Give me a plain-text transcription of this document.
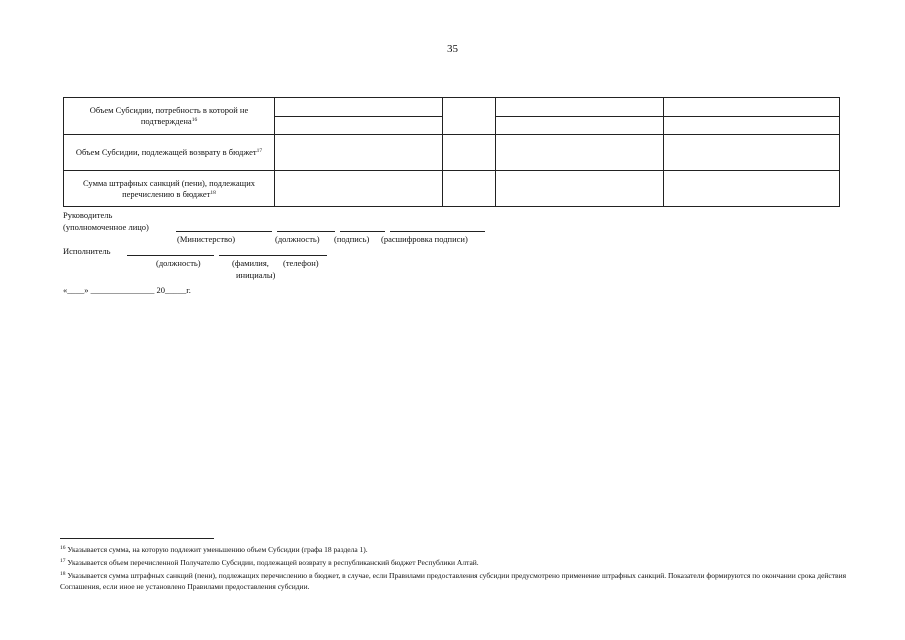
35
Объем Субсидии, потребность в которой не подтверждена$^{16}$				

Объем Субсидии, подлежащей возврату в бюджет$^{17}$				
Сумма штрафных санкций (пени), подлежащих перечислению в бюджет$^{18}$				
Руководитель
(уполномоченное лицо)
(Министерство)	(должность) (подпись) (расшифровка подписи)
Исполнитель
(должность)	(фамилия, (телефон)
инициалы)
«____» _______________ 20_____г.
$^{16}$ Указывается сумма, на которую подлежит уменьшению объем Субсидии (графа 18 раздела 1).
$^{17}$ Указывается объем перечисленной Получателю Субсидии, подлежащей возврату в республиканский бюджет Республики Алтай.
$^{18}$ Указывается сумма штрафных санкций (пени), подлежащих перечислению в бюджет, в случае, если Правилами предоставления субсидии предусмотрено применение штрафных санкций. Показатели формируются по окончании срока действия Соглашения, если иное не установлено Правилами предоставления субсидии.
